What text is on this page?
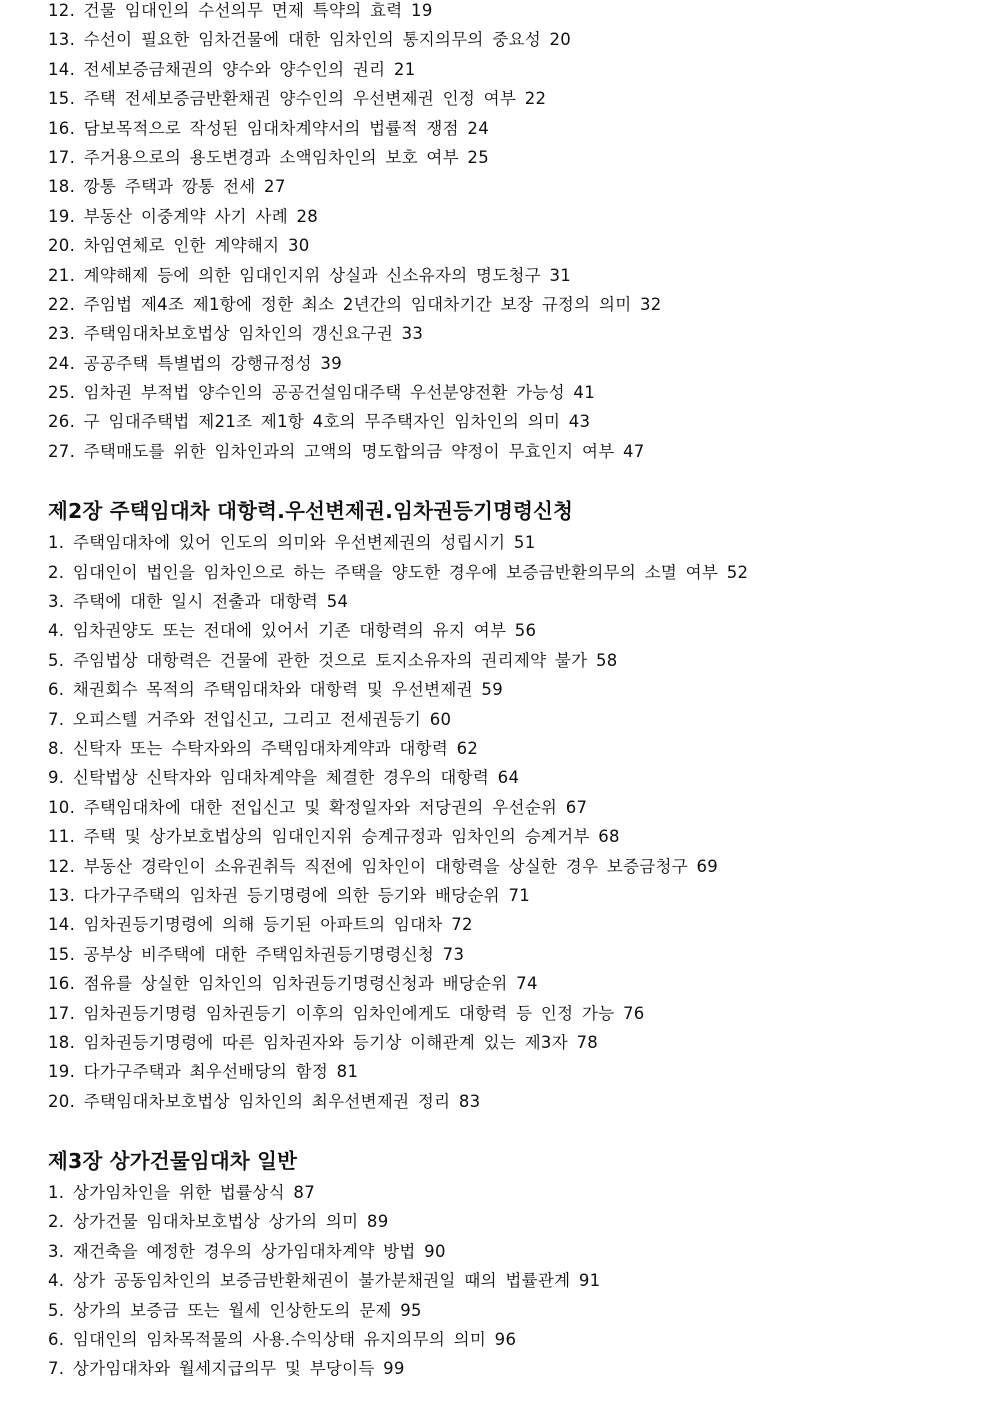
12. 건물 임대인의 수선의무 면제 특약의 효력 19
13. 수선이 필요한 임차건물에 대한 임차인의 통지의무의 중요성 20
14. 전세보증금채권의 양수와 양수인의 권리 21
15. 주택 전세보증금반환채권 양수인의 우선변제권 인정 여부 22
16. 담보목적으로 작성된 임대차계약서의 법률적 쟁점 24
17. 주거용으로의 용도변경과 소액임차인의 보호 여부 25
18. 깡통 주택과 깡통 전세 27
19. 부동산 이중계약 사기 사례 28
20. 차임연체로 인한 계약해지 30
21. 계약해제 등에 의한 임대인지위 상실과 신소유자의 명도청구 31
22. 주임법 제4조 제1항에 정한 최소 2년간의 임대차기간 보장 규정의 의미 32
23. 주택임대차보호법상 임차인의 갱신요구권 33
24. 공공주택 특별법의 강행규정성 39
25. 임차권 부적법 양수인의 공공건설임대주택 우선분양전환 가능성 41
26. 구 임대주택법 제21조 제1항 4호의 무주택자인 임차인의 의미 43
27. 주택매도를 위한 임차인과의 고액의 명도합의금 약정이 무효인지 여부 47
제2장 주택임대차 대항력.우선변제권.임차권등기명령신청
1. 주택임대차에 있어 인도의 의미와 우선변제권의 성립시기 51
2. 임대인이 법인을 임차인으로 하는 주택을 양도한 경우에 보증금반환의무의 소멸 여부 52
3. 주택에 대한 일시 전출과 대항력 54
4. 임차권양도 또는 전대에 있어서 기존 대항력의 유지 여부 56
5. 주임법상 대항력은 건물에 관한 것으로 토지소유자의 권리제약 불가 58
6. 채권회수 목적의 주택임대차와 대항력 및 우선변제권 59
7. 오피스텔 거주와 전입신고, 그리고 전세권등기 60
8. 신탁자 또는 수탁자와의 주택임대차계약과 대항력 62
9. 신탁법상 신탁자와 임대차계약을 체결한 경우의 대항력 64
10. 주택임대차에 대한 전입신고 및 확정일자와 저당권의 우선순위 67
11. 주택 및 상가보호법상의 임대인지위 승계규정과 임차인의 승계거부 68
12. 부동산 경락인이 소유권취득 직전에 임차인이 대항력을 상실한 경우 보증금청구 69
13. 다가구주택의 임차권 등기명령에 의한 등기와 배당순위 71
14. 임차권등기명령에 의해 등기된 아파트의 임대차 72
15. 공부상 비주택에 대한 주택임차권등기명령신청 73
16. 점유를 상실한 임차인의 임차권등기명령신청과 배당순위 74
17. 임차권등기명령 임차권등기 이후의 임차인에게도 대항력 등 인정 가능 76
18. 임차권등기명령에 따른 임차권자와 등기상 이해관계 있는 제3자 78
19. 다가구주택과 최우선배당의 함정 81
20. 주택임대차보호법상 임차인의 최우선변제권 정리 83
제3장 상가건물임대차 일반
1. 상가임차인을 위한 법률상식 87
2. 상가건물 임대차보호법상 상가의 의미 89
3. 재건축을 예정한 경우의 상가임대차계약 방법 90
4. 상가 공동임차인의 보증금반환채권이 불가분채권일 때의 법률관계 91
5. 상가의 보증금 또는 월세 인상한도의 문제 95
6. 임대인의 임차목적물의 사용.수익상태 유지의무의 의미 96
7. 상가임대차와 월세지급의무 및 부당이득 99
